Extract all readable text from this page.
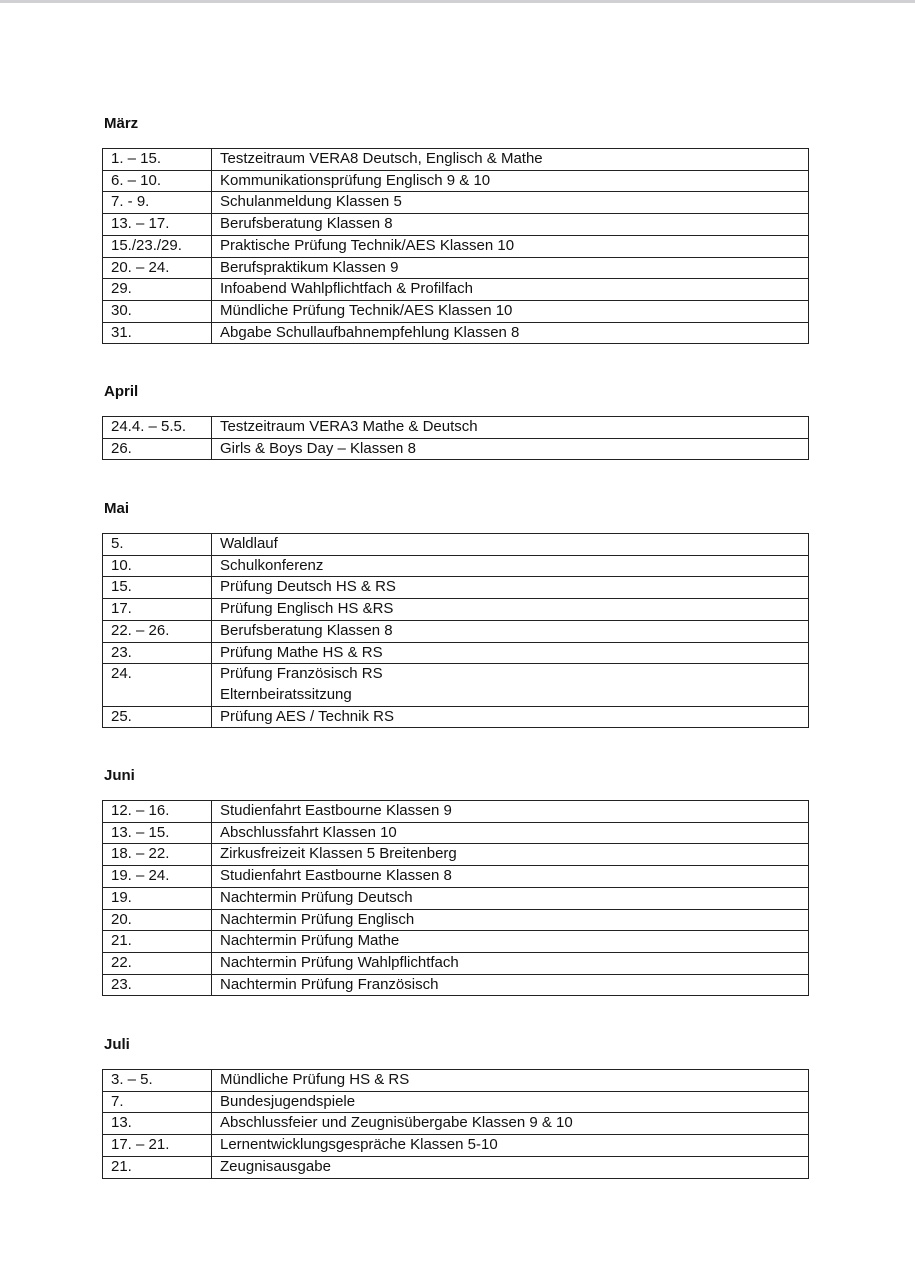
März
1. – 15.	Testzeitraum VERA8 Deutsch, Englisch & Mathe

6. – 10.	Kommunikationsprüfung Englisch 9 & 10

7. - 9.	Schulanmeldung Klassen 5

13. – 17.	Berufsberatung Klassen 8

15./23./29.	Praktische Prüfung Technik/AES Klassen 10

20. – 24.	Berufspraktikum Klassen 9

29.	Infoabend Wahlpflichtfach & Profilfach

30.	Mündliche Prüfung Technik/AES Klassen 10

31.	Abgabe Schullaufbahnempfehlung Klassen 8
April
24.4. – 5.5.	Testzeitraum VERA3 Mathe & Deutsch

26.	Girls & Boys Day – Klassen 8
Mai
5.	Waldlauf

10.	Schulkonferenz

15.	Prüfung Deutsch HS & RS

17.	Prüfung Englisch HS &RS

22. – 26.	Berufsberatung Klassen 8

23.	Prüfung Mathe HS & RS

24.	Prüfung Französisch RS
Elternbeiratssitzung

25.	Prüfung AES / Technik RS
Juni
12. – 16.	Studienfahrt Eastbourne Klassen 9

13. – 15.	Abschlussfahrt Klassen 10

18. – 22.	Zirkusfreizeit Klassen 5 Breitenberg

19. – 24.	Studienfahrt Eastbourne Klassen 8

19.	Nachtermin Prüfung Deutsch

20.	Nachtermin Prüfung Englisch

21.	Nachtermin Prüfung Mathe

22.	Nachtermin Prüfung Wahlpflichtfach

23.	Nachtermin Prüfung Französisch
Juli
3. – 5.	Mündliche Prüfung HS & RS

7.	Bundesjugendspiele

13.	Abschlussfeier und Zeugnisübergabe Klassen 9 & 10

17. – 21.	Lernentwicklungsgespräche Klassen 5-10

21.	Zeugnisausgabe
